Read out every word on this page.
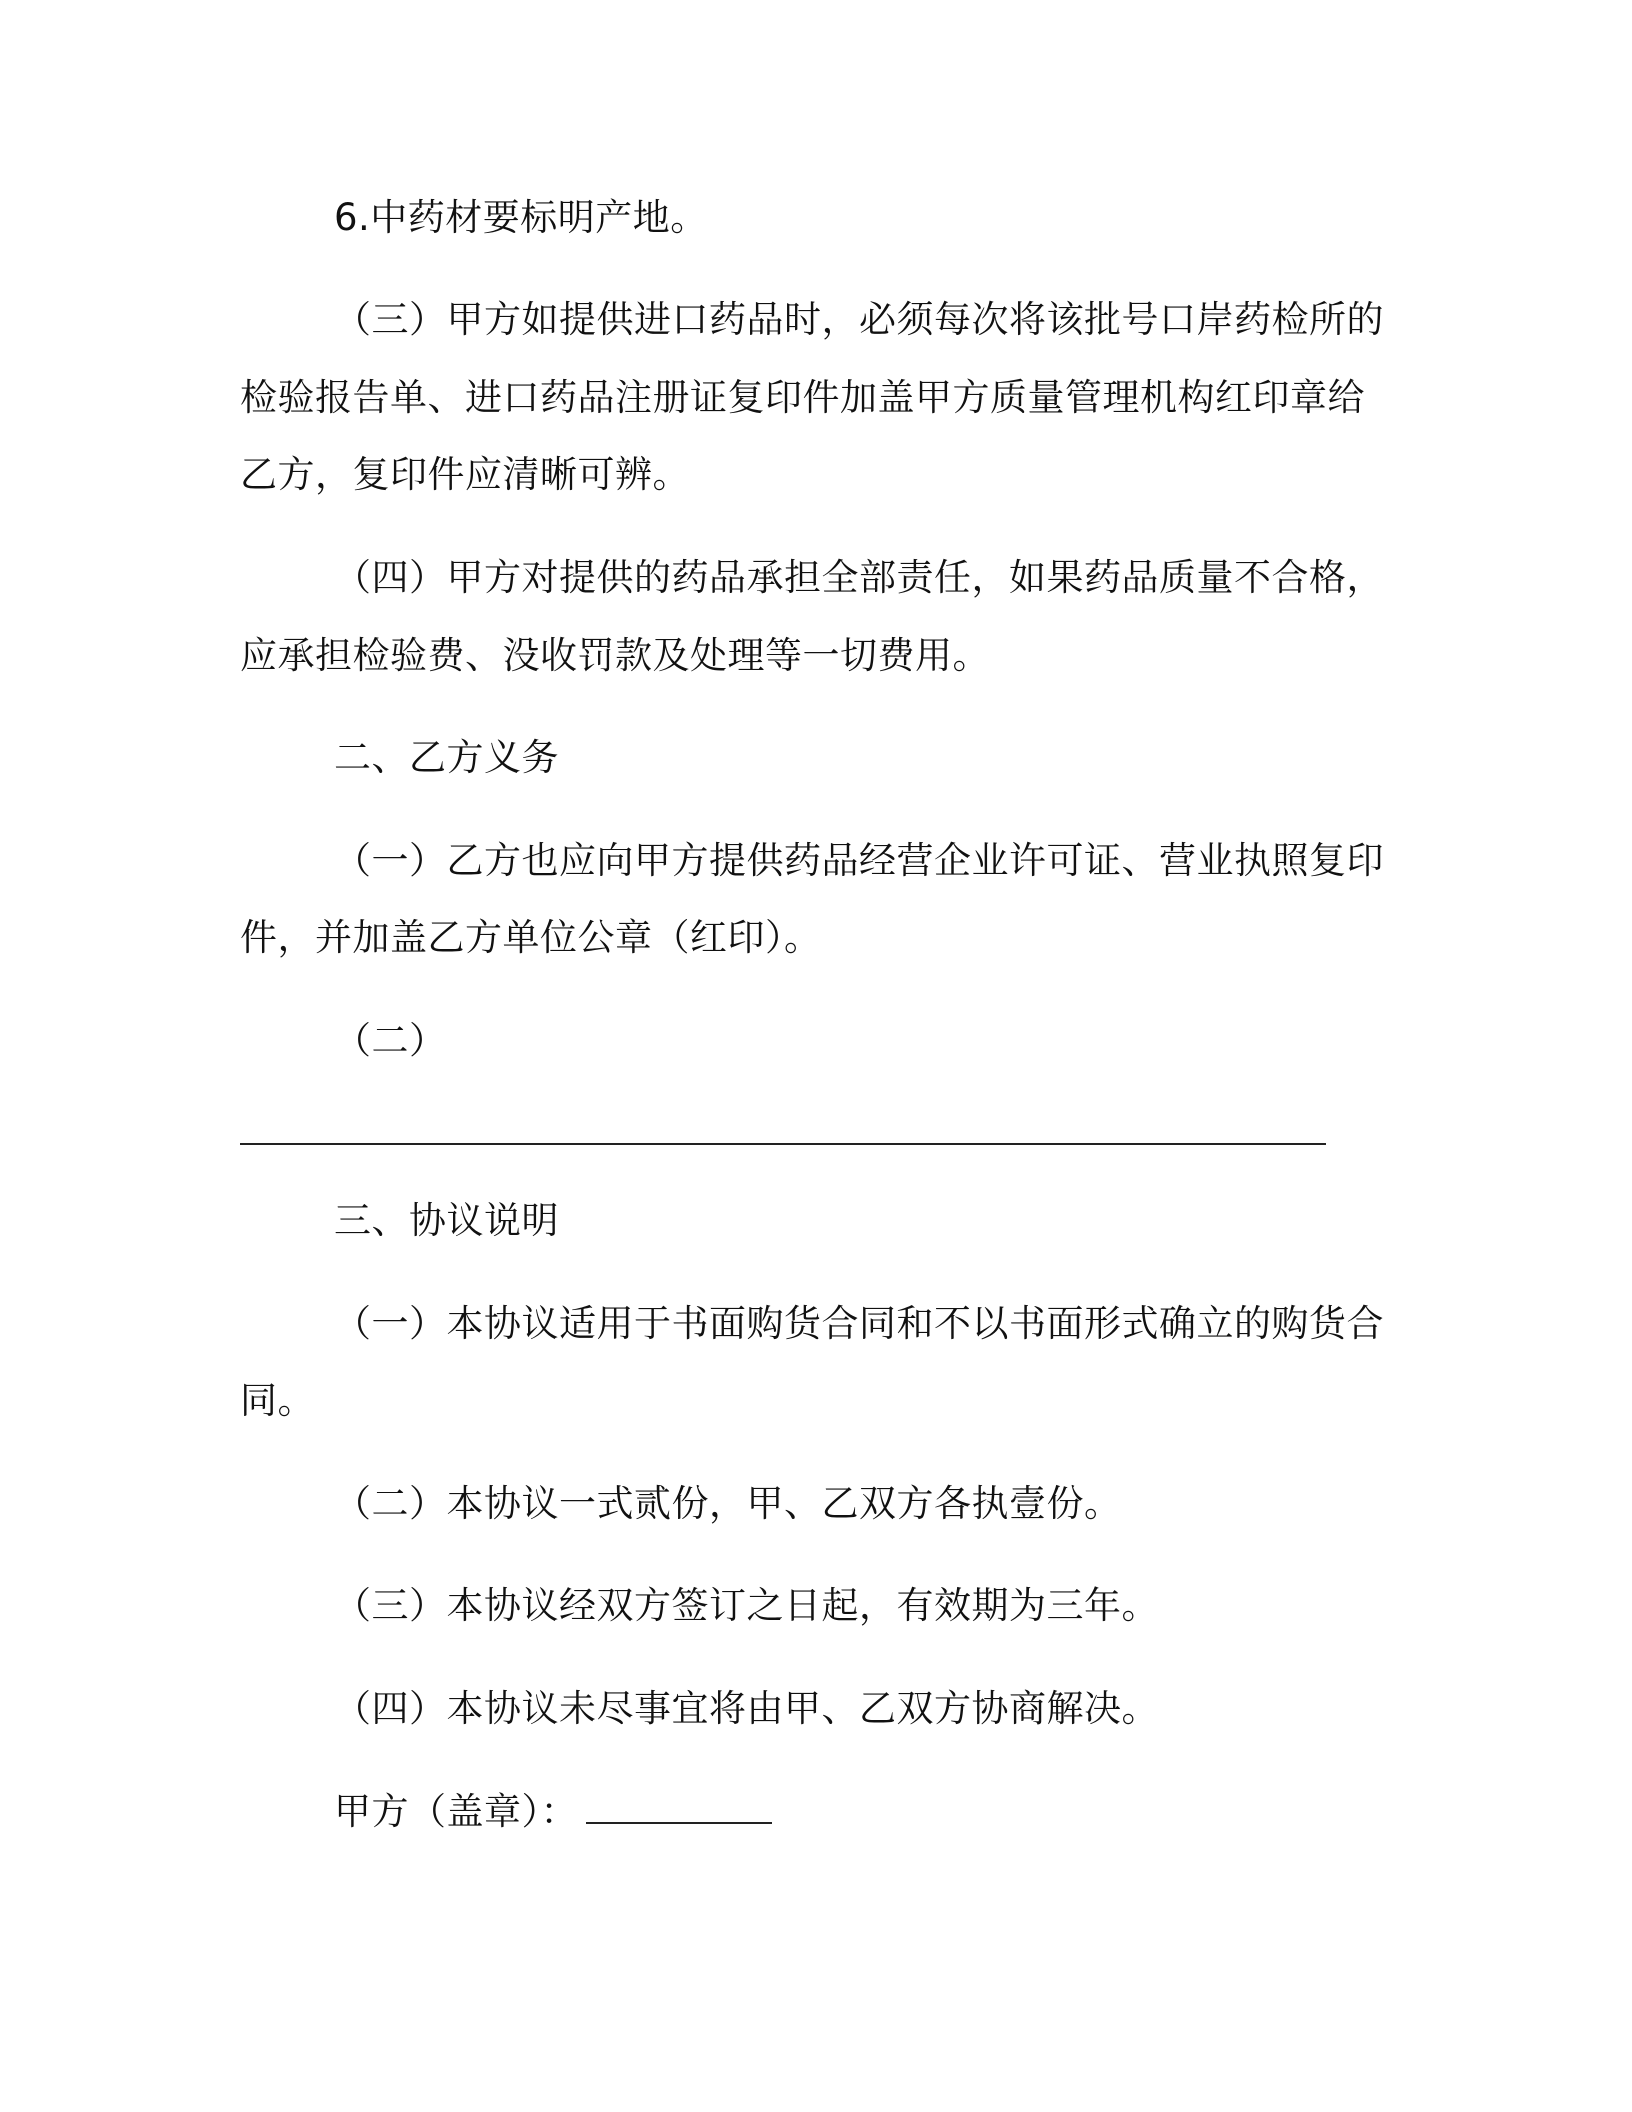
6.中药材要标明产地。
（三）甲方如提供进口药品时，必须每次将该批号口岸药检所的
检验报告单、进口药品注册证复印件加盖甲方质量管理机构红印章给
乙方，复印件应清晰可辨。
（四）甲方对提供的药品承担全部责任，如果药品质量不合格，
应承担检验费、没收罚款及处理等一切费用。
二、乙方义务
（一）乙方也应向甲方提供药品经营企业许可证、营业执照复印
件，并加盖乙方单位公章（红印）。
（二）
三、协议说明
（一）本协议适用于书面购货合同和不以书面形式确立的购货合
同。
（二）本协议一式贰份，甲、乙双方各执壹份。
（三）本协议经双方签订之日起，有效期为三年。
（四）本协议未尽事宜将由甲、乙双方协商解决。
甲方（盖章）：
